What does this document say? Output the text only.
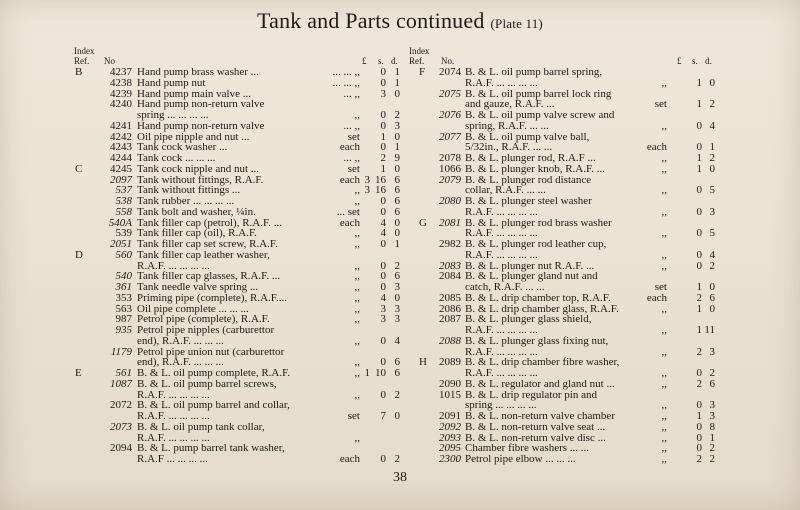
Tank and Parts continued (Plate 11)
Index
Ref. No	£ s. d.
B	4237 Hand pump brass washer ...	... ... ,,	0 1
4238 Hand pump nut	... ... ,,	0 1
4239 Hand pump main valve ...	... ,,	3 0
4240 Hand pump non-return valve
spring ... ... ... ...	,,	0 2
4241 Hand pump non-return valve	... ,,	0 3
4242 Oil pipe nipple and nut ...	set	1 0
4243 Tank cock washer ...	each	0 1
4244 Tank cock ... ... ...	... ,,	2 9
C	4245 Tank cock nipple and nut ...	set	1 0
2097 Tank without fittings, R.A.F.	each 3 16 6
537 Tank without fittings ...	,, 3 16 6
538 Tank rubber ... ... ... ...	,,	0 6
558 Tank bolt and washer, ¼in.	... set	0 6
540A Tank filler cap (petrol), R.A.F. ...	each	4 0
539 Tank filler cap (oil), R.A.F.	,,	4 0
2051 Tank filler cap set screw, R.A.F.	,,	0 1
D	560 Tank filler cap leather washer,
R.A.F. ... ... ... ...	,,	0 2
540 Tank filler cap glasses, R.A.F. ...	,,	0 6
361 Tank needle valve spring ...	,,	0 3
353 Priming pipe (complete), R.A.F....	,,	4 0
563 Oil pipe complete ... ... ...	,,	3 3
987 Petrol pipe (complete), R.A.F.	,,	3 3
935 Petrol pipe nipples (carburettor
end), R.A.F. ... ... ...	,,	0 4
1179 Petrol pipe union nut (carburettor
end), R.A.F. ... ... ...	,,	0 6
E	561 B. & L. oil pump complete, R.A.F.	,, 1 10 6
1087 B. & L. oil pump barrel screws,
R.A.F. ... ... ... ...	,,	0 2
2072 B. & L. oil pump barrel and collar,
R.A.F. ... ... ... ...	set	7 0
2073 B. & L. oil pump tank collar,
R.A.F. ... ... ... ...	,,
2094 B. & L. pump barrel tank washer,
R.A.F ... ... ... ...	each	0 2
Index
Ref. No.	£ s. d.
F	2074 B. & L. oil pump barrel spring,
R.A.F. ... ... ... ...	,,	1 0
2075 B. & L. oil pump barrel lock ring
and gauze, R.A.F. ...	set	1 2
2076 B. & L. oil pump valve screw and
spring, R.A.F. ... ...	,,	0 4
2077 B. & L. oil pump valve ball,
5/32in., R.A.F. ... ...	each	0 1
2078 B. & L. plunger rod, R.A.F ...	,,	1 2
1066 B. & L. plunger knob, R.A.F. ...	,,	1 0
2079 B. & L. plunger rod distance
collar, R.A.F. ... ...	,,	0 5
2080 B. & L. plunger steel washer
R.A.F. ... ... ... ...	,,	0 3
G	2081 B. & L. plunger rod brass washer
R.A.F. ... ... ... ...	,,	0 5
2982 B. & L. plunger rod leather cup,
R.A.F. ... ... ... ...	,,	0 4
2083 B. & L. plunger nut R.A.F. ...	,,	0 2
2084 B. & L. plunger gland nut and
catch, R.A.F. ... ...	set	1 0
2085 B. & L. drip chamber top, R.A.F.	each	2 6
2086 B. & L. drip chamber glass, R.A.F.	,,	1 0
2087 B. & L. plunger glass shield,
R.A.F. ... ... ... ...	,,	1 11
2088 B. & L. plunger glass fixing nut,
R.A.F. ... ... ... ...	,,	2 3
H	2089 B. & L. drip chamber fibre washer,
R.A.F. ... ... ... ...	,,	0 2
2090 B. & L. regulator and gland nut ...	,,	2 6
1015 B. & L. drip regulator pin and
spring ... ... ... ...	,,	0 3
2091 B. & L. non-return valve chamber	,,	1 3
2092 B. & L. non-return valve seat ...	,,	0 8
2093 B. & L. non-return valve disc ...	,,	0 1
2095 Chamber fibre washers ... ...	,,	0 2
2300 Petrol pipe elbow ... ... ...	,,	2 2
38
